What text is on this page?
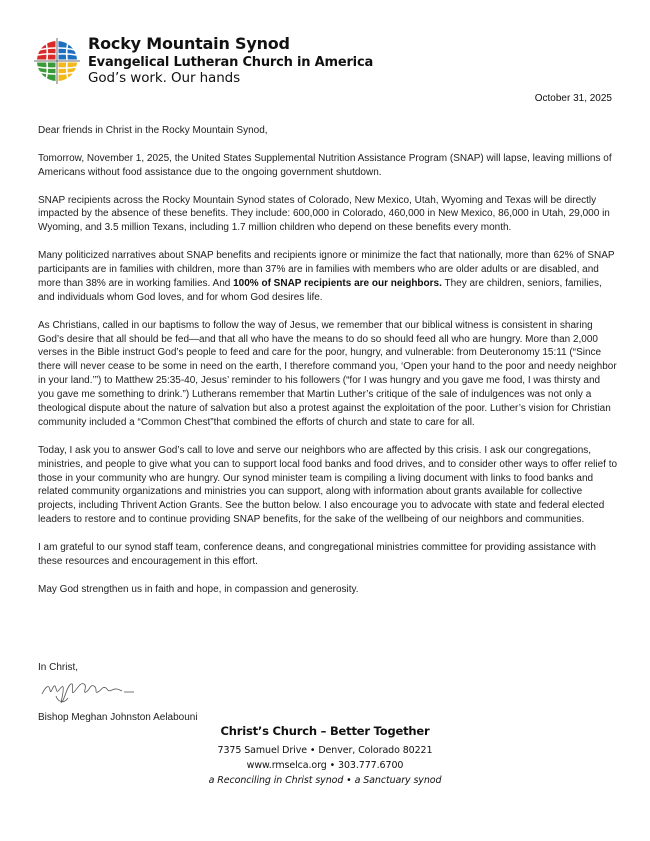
Rocky Mountain Synod
Evangelical Lutheran Church in America
God’s work. Our hands
October 31, 2025

Dear friends in Christ in the Rocky Mountain Synod,

Tomorrow, November 1, 2025, the United States Supplemental Nutrition Assistance Program (SNAP) will lapse, leaving millions of Americans without food assistance due to the ongoing government shutdown.

SNAP recipients across the Rocky Mountain Synod states of Colorado, New Mexico, Utah, Wyoming and Texas will be directly impacted by the absence of these benefits. They include: 600,000 in Colorado, 460,000 in New Mexico, 86,000 in Utah, 29,000 in Wyoming, and 3.5 million Texans, including 1.7 million children who depend on these benefits every month.

Many politicized narratives about SNAP benefits and recipients ignore or minimize the fact that nationally, more than 62% of SNAP participants are in families with children, more than 37% are in families with members who are older adults or are disabled, and more than 38% are in working families. And 100% of SNAP recipients are our neighbors. They are children, seniors, families, and individuals whom God loves, and for whom God desires life.

As Christians, called in our baptisms to follow the way of Jesus, we remember that our biblical witness is consistent in sharing God’s desire that all should be fed—and that all who have the means to do so should feed all who are hungry. More than 2,000 verses in the Bible instruct God’s people to feed and care for the poor, hungry, and vulnerable: from Deuteronomy 15:11 (“Since there will never cease to be some in need on the earth, I therefore command you, ‘Open your hand to the poor and needy neighbor in your land.’”) to Matthew 25:35-40, Jesus’ reminder to his followers (“for I was hungry and you gave me food, I was thirsty and you gave me something to drink.”) Lutherans remember that Martin Luther’s critique of the sale of indulgences was not only a theological dispute about the nature of salvation but also a protest against the exploitation of the poor. Luther’s vision for Christian community included a “Common Chest”that combined the efforts of church and state to care for all.

Today, I ask you to answer God’s call to love and serve our neighbors who are affected by this crisis. I ask our congregations, ministries, and people to give what you can to support local food banks and food drives, and to consider other ways to offer relief to those in your community who are hungry. Our synod minister team is compiling a living document with links to food banks and related community organizations and ministries you can support, along with information about grants available for collective projects, including Thrivent Action Grants. See the button below. I also encourage you to advocate with state and federal elected leaders to restore and to continue providing SNAP benefits, for the sake of the wellbeing of our neighbors and communities.

I am grateful to our synod staff team, conference deans, and congregational ministries committee for providing assistance with these resources and encouragement in this effort.

May God strengthen us in faith and hope, in compassion and generosity.

In Christ,
Bishop Meghan Johnston Aelabouni
Christ’s Church – Better Together
7375 Samuel Drive • Denver, Colorado 80221
www.rmselca.org • 303.777.6700
a Reconciling in Christ synod • a Sanctuary synod
